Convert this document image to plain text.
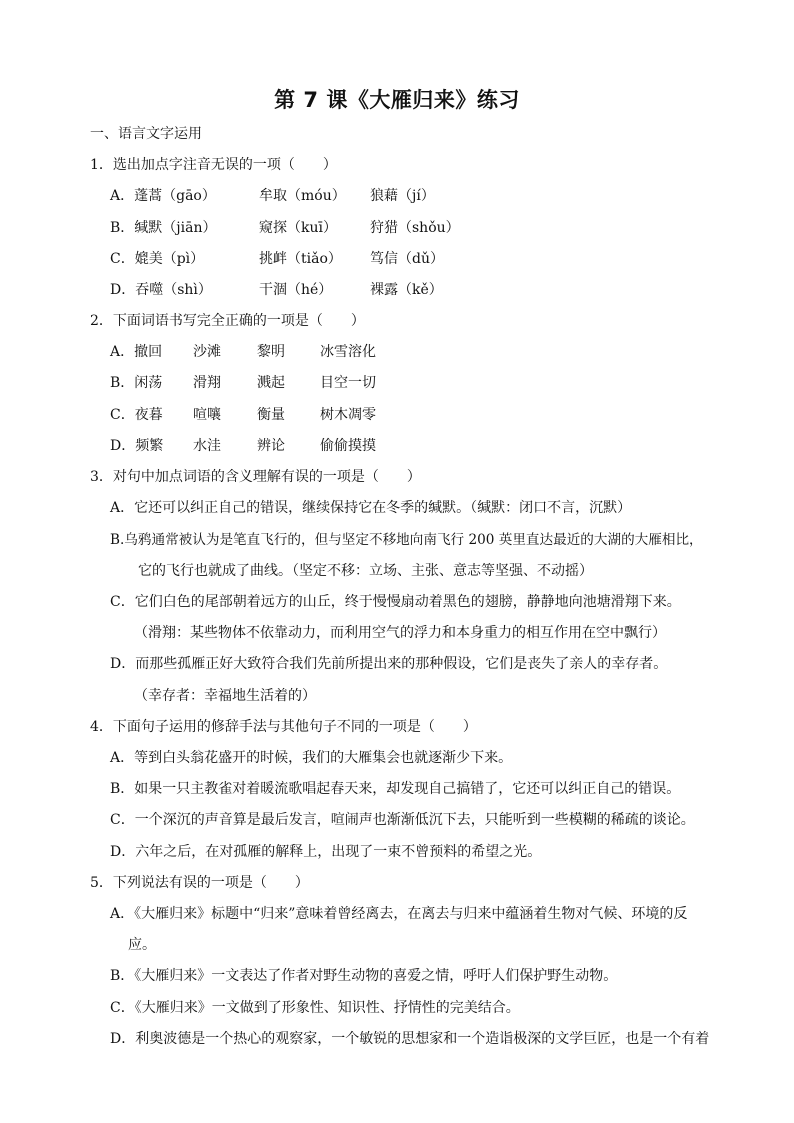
第 7 课《大雁归来》练习
一、语言文字运用
1．选出加点字注音无误的一项（　　）
A．蓬蒿（gāo）	牟取（móu） 狼藉（jí）
B．缄默（jiān）	窥探（kuī） 狩猎（shǒu）
C．媲美（pì）	挑衅（tiǎo） 笃信（dǔ）
D．吞噬（shì）	干涸（hé）	裸露（kě）
2．下面词语书写完全正确的一项是（　　）
A．撤回 沙滩	黎明	冰雪溶化
B．闲荡 滑翔	溅起	目空一切
C．夜暮 喧嚷	衡量	树木凋零
D．频繁 水洼	辨论	偷偷摸摸
3．对句中加点词语的含义理解有误的一项是（　　）
A．它还可以纠正自己的错误，继续保持它在冬季的缄默。（缄默：闭口不言，沉默）
B.乌鸦通常被认为是笔直飞行的，但与坚定不移地向南飞行 200 英里直达最近的大湖的大雁相比，
它的飞行也就成了曲线。（坚定不移：立场、主张、意志等坚强、不动摇）
C．它们白色的尾部朝着远方的山丘，终于慢慢扇动着黑色的翅膀，静静地向池塘滑翔下来。
（滑翔：某些物体不依靠动力，而利用空气的浮力和本身重力的相互作用在空中飘行）
D．而那些孤雁正好大致符合我们先前所提出来的那种假设，它们是丧失了亲人的幸存者。
（幸存者：幸福地生活着的）
4．下面句子运用的修辞手法与其他句子不同的一项是（　　）
A．等到白头翁花盛开的时候，我们的大雁集会也就逐渐少下来。
B．如果一只主教雀对着暖流歌唱起春天来，却发现自己搞错了，它还可以纠正自己的错误。
C．一个深沉的声音算是最后发言，喧闹声也渐渐低沉下去，只能听到一些模糊的稀疏的谈论。
D．六年之后，在对孤雁的解释上，出现了一束不曾预料的希望之光。
5．下列说法有误的一项是（　　）
A．《大雁归来》标题中“归来”意味着曾经离去，在离去与归来中蕴涵着生物对气候、环境的反
应。
B．《大雁归来》一文表达了作者对野生动物的喜爱之情，呼吁人们保护野生动物。
C．《大雁归来》一文做到了形象性、知识性、抒情性的完美结合。
D．利奥波德是一个热心的观察家，一个敏锐的思想家和一个造诣极深的文学巨匠，也是一个有着
